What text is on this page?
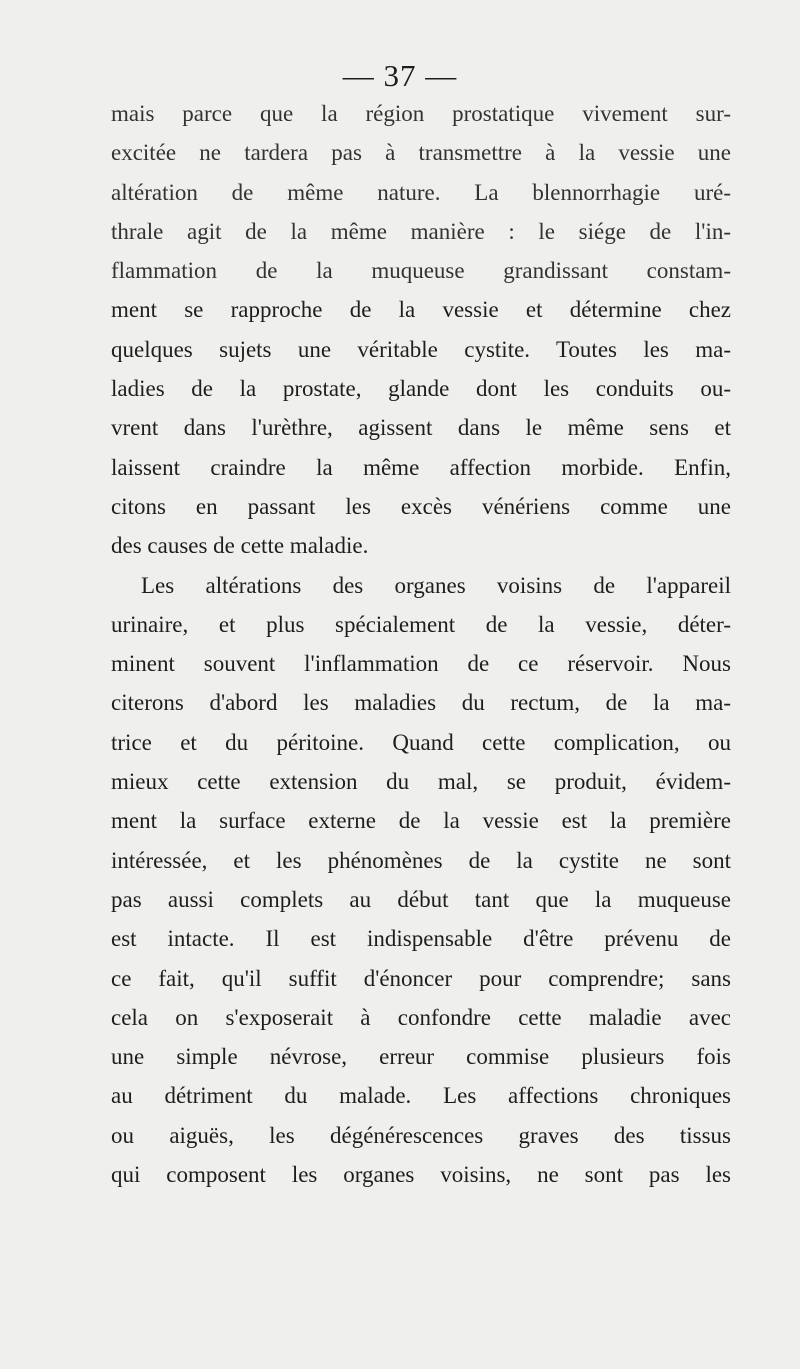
— 37 —
mais parce que la région prostatique vivement sur-
excitée ne tardera pas à transmettre à la vessie une
altération de même nature. La blennorrhagie uré-
thrale agit de la même manière : le siége de l'in-
flammation de la muqueuse grandissant constam-
ment se rapproche de la vessie et détermine chez
quelques sujets une véritable cystite. Toutes les ma-
ladies de la prostate, glande dont les conduits ou-
vrent dans l'urèthre, agissent dans le même sens et
laissent craindre la même affection morbide. Enfin,
citons en passant les excès vénériens comme une
des causes de cette maladie.
Les altérations des organes voisins de l'appareil
urinaire, et plus spécialement de la vessie, déter-
minent souvent l'inflammation de ce réservoir. Nous
citerons d'abord les maladies du rectum, de la ma-
trice et du péritoine. Quand cette complication, ou
mieux cette extension du mal, se produit, évidem-
ment la surface externe de la vessie est la première
intéressée, et les phénomènes de la cystite ne sont
pas aussi complets au début tant que la muqueuse
est intacte. Il est indispensable d'être prévenu de
ce fait, qu'il suffit d'énoncer pour comprendre; sans
cela on s'exposerait à confondre cette maladie avec
une simple névrose, erreur commise plusieurs fois
au détriment du malade. Les affections chroniques
ou aiguës, les dégénérescences graves des tissus
qui composent les organes voisins, ne sont pas les
